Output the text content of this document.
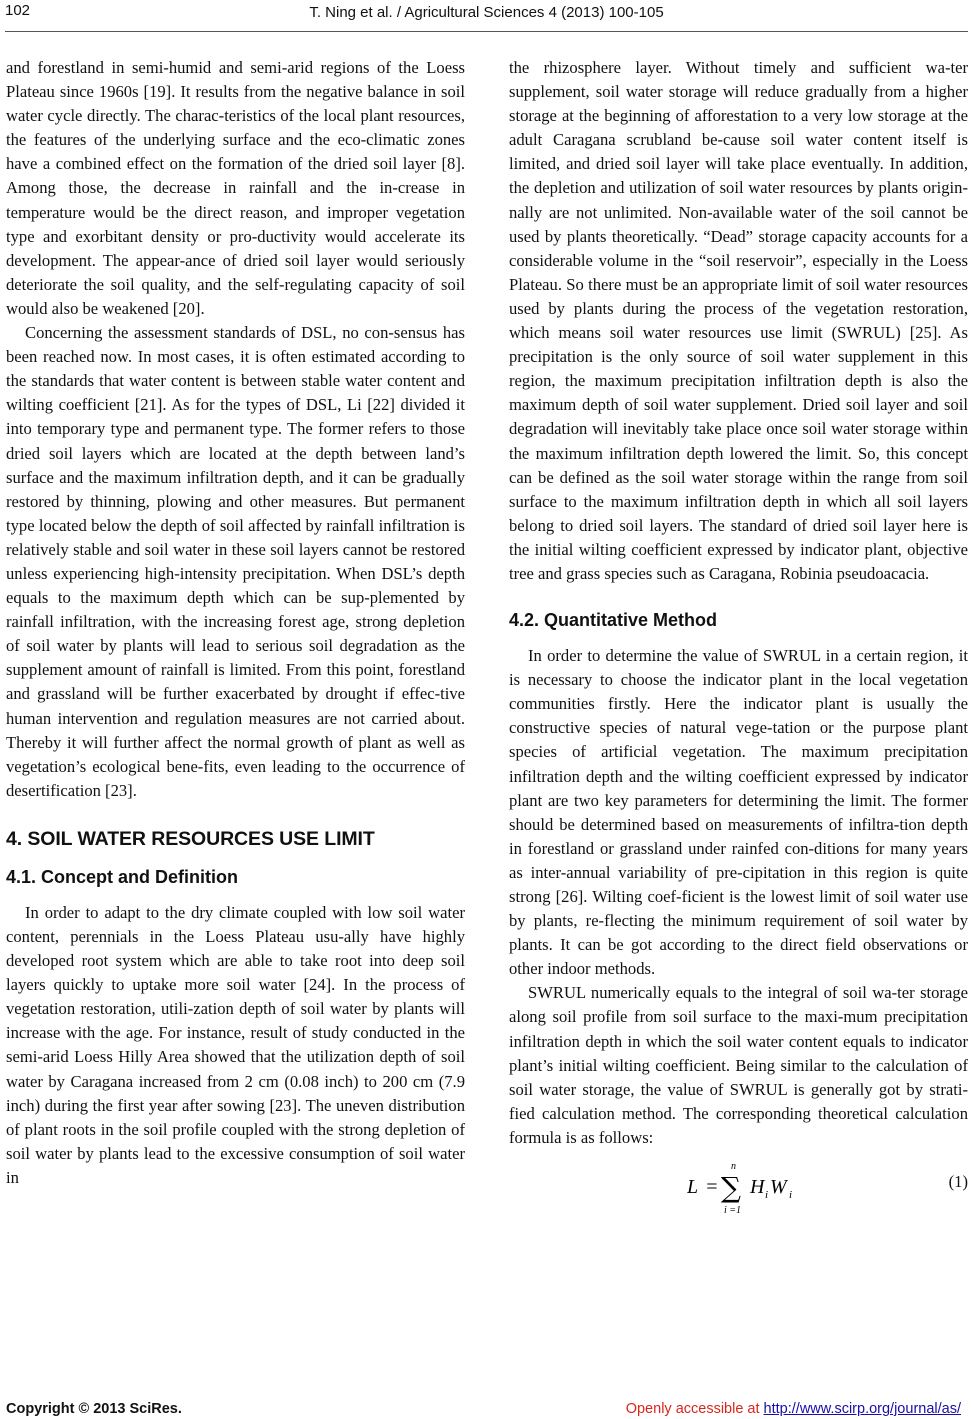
102	T. Ning et al. / Agricultural Sciences 4 (2013) 100-105

and forestland in semi-humid and semi-arid regions of the Loess Plateau since 1960s [19]. It results from the negative balance in soil water cycle directly. The charac-teristics of the local plant resources, the features of the underlying surface and the eco-climatic zones have a combined effect on the formation of the dried soil layer [8]. Among those, the decrease in rainfall and the in-crease in temperature would be the direct reason, and improper vegetation type and exorbitant density or pro-ductivity would accelerate its development. The appear-ance of dried soil layer would seriously deteriorate the soil quality, and the self-regulating capacity of soil would also be weakened [20].

Concerning the assessment standards of DSL, no con-sensus has been reached now. In most cases, it is often estimated according to the standards that water content is between stable water content and wilting coefficient [21]. As for the types of DSL, Li [22] divided it into temporary type and permanent type. The former refers to those dried soil layers which are located at the depth between land’s surface and the maximum infiltration depth, and it can be gradually restored by thinning, plowing and other measures. But permanent type located below the depth of soil affected by rainfall infiltration is relatively stable and soil water in these soil layers cannot be restored unless experiencing high-intensity precipitation. When DSL’s depth equals to the maximum depth which can be sup-plemented by rainfall infiltration, with the increasing forest age, strong depletion of soil water by plants will lead to serious soil degradation as the supplement amount of rainfall is limited. From this point, forestland and grassland will be further exacerbated by drought if effec-tive human intervention and regulation measures are not carried about. Thereby it will further affect the normal growth of plant as well as vegetation’s ecological bene-fits, even leading to the occurrence of desertification [23].

4. SOIL WATER RESOURCES USE LIMIT
4.1. Concept and Definition

In order to adapt to the dry climate coupled with low soil water content, perennials in the Loess Plateau usu-ally have highly developed root system which are able to take root into deep soil layers quickly to uptake more soil water [24]. In the process of vegetation restoration, utili-zation depth of soil water by plants will increase with the age. For instance, result of study conducted in the semi-arid Loess Hilly Area showed that the utilization depth of soil water by Caragana increased from 2 cm (0.08 inch) to 200 cm (7.9 inch) during the first year after sowing [23]. The uneven distribution of plant roots in the soil profile coupled with the strong depletion of soil water by plants lead to the excessive consumption of soil water in

the rhizosphere layer. Without timely and sufficient wa-ter supplement, soil water storage will reduce gradually from a higher storage at the beginning of afforestation to a very low storage at the adult Caragana scrubland be-cause soil water content itself is limited, and dried soil layer will take place eventually. In addition, the depletion and utilization of soil water resources by plants origin-nally are not unlimited. Non-available water of the soil cannot be used by plants theoretically. “Dead” storage capacity accounts for a considerable volume in the “soil reservoir”, especially in the Loess Plateau. So there must be an appropriate limit of soil water resources used by plants during the process of the vegetation restoration, which means soil water resources use limit (SWRUL) [25]. As precipitation is the only source of soil water supplement in this region, the maximum precipitation infiltration depth is also the maximum depth of soil water supplement. Dried soil layer and soil degradation will inevitably take place once soil water storage within the maximum infiltration depth lowered the limit. So, this concept can be defined as the soil water storage within the range from soil surface to the maximum infiltration depth in which all soil layers belong to dried soil layers. The standard of dried soil layer here is the initial wilting coefficient expressed by indicator plant, objective tree and grass species such as Caragana, Robinia pseudoacacia.

4.2. Quantitative Method

In order to determine the value of SWRUL in a certain region, it is necessary to choose the indicator plant in the local vegetation communities firstly. Here the indicator plant is usually the constructive species of natural vege-tation or the purpose plant species of artificial vegetation. The maximum precipitation infiltration depth and the wilting coefficient expressed by indicator plant are two key parameters for determining the limit. The former should be determined based on measurements of infiltra-tion depth in forestland or grassland under rainfed con-ditions for many years as inter-annual variability of pre-cipitation in this region is quite strong [26]. Wilting coef-ficient is the lowest limit of soil water use by plants, re-flecting the minimum requirement of soil water by plants. It can be got according to the direct field observations or other indoor methods.

SWRUL numerically equals to the integral of soil wa-ter storage along soil profile from soil surface to the maxi-mum precipitation infiltration depth in which the soil water content equals to indicator plant’s initial wilting coefficient. Being similar to the calculation of soil water storage, the value of SWRUL is generally got by strati-fied calculation method. The corresponding theoretical calculation formula is as follows:

L =
n
∑
i =1
H i W i
(1)
Copyright © 2013 SciRes.	Openly accessible at http://www.scirp.org/journal/as/
